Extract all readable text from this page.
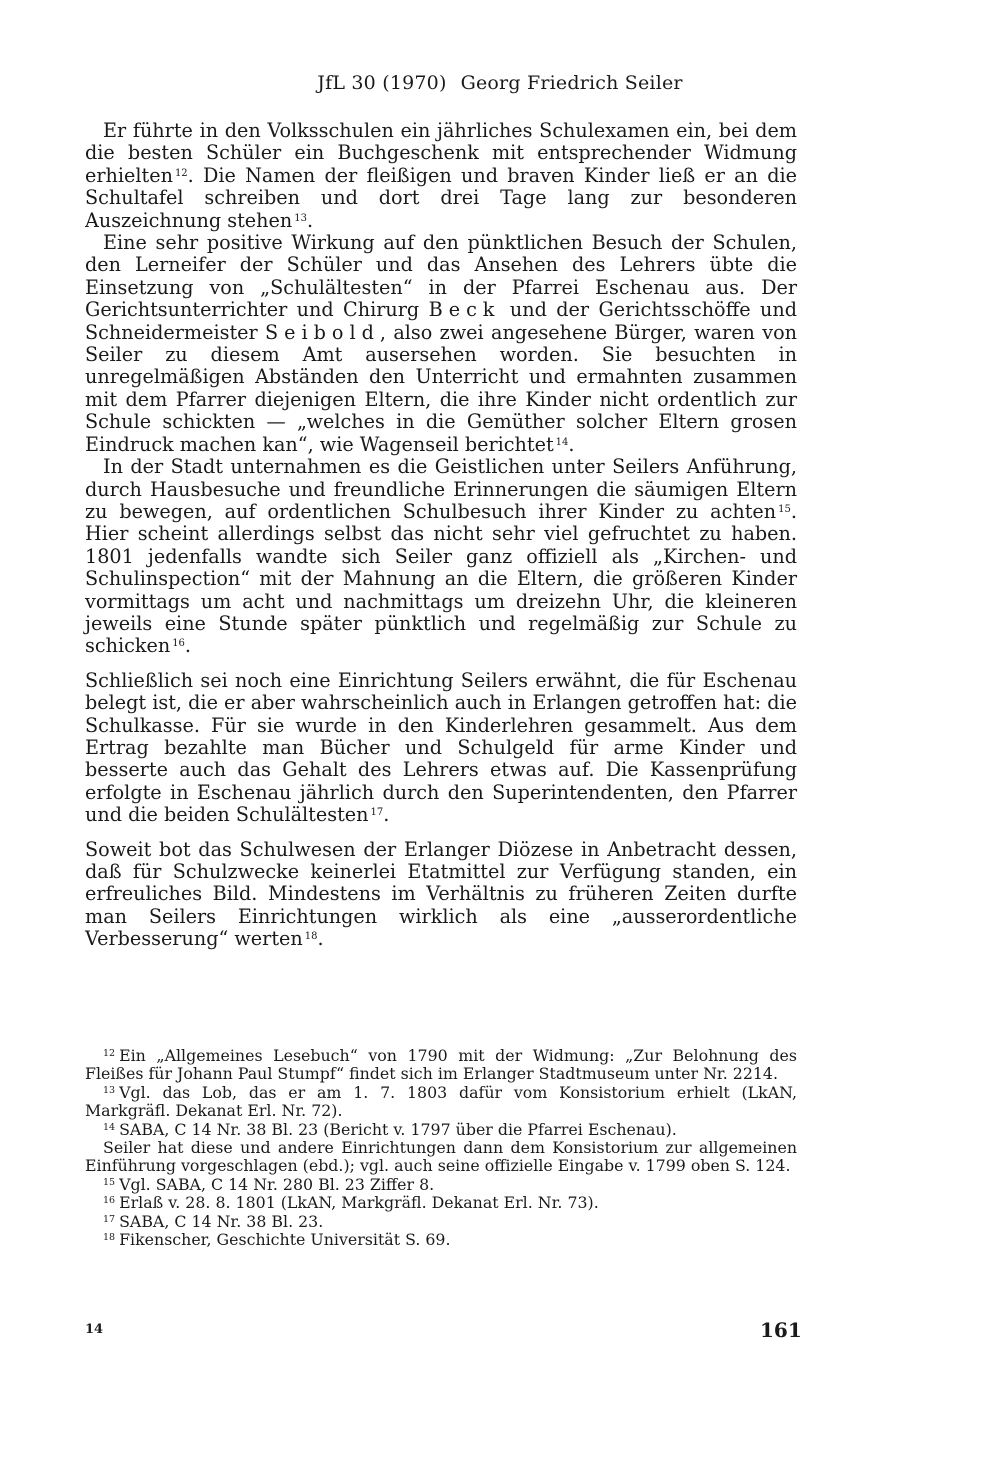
JfL 30 (1970) Georg Friedrich Seiler

Er führte in den Volksschulen ein jährliches Schulexamen ein, bei dem die besten Schüler ein Buchgeschenk mit entsprechender Widmung erhielten $^{12}$. Die Namen der fleißigen und braven Kinder ließ er an die Schultafel schreiben und dort drei Tage lang zur besonderen Auszeichnung stehen $^{13}$.

Eine sehr positive Wirkung auf den pünktlichen Besuch der Schulen, den Lerneifer der Schüler und das Ansehen des Lehrers übte die Einsetzung von „Schulältesten“ in der Pfarrei Eschenau aus. Der Gerichtsunterrichter und Chirurg Beck und der Gerichtsschöffe und Schneidermeister Seibold, also zwei angesehene Bürger, waren von Seiler zu diesem Amt ausersehen worden. Sie besuchten in unregelmäßigen Abständen den Unterricht und ermahnten zusammen mit dem Pfarrer diejenigen Eltern, die ihre Kinder nicht ordentlich zur Schule schickten — „welches in die Gemüther solcher Eltern grosen Eindruck machen kan“, wie Wagenseil berichtet $^{14}$.

In der Stadt unternahmen es die Geistlichen unter Seilers Anführung, durch Hausbesuche und freundliche Erinnerungen die säumigen Eltern zu bewegen, auf ordentlichen Schulbesuch ihrer Kinder zu achten $^{15}$. Hier scheint allerdings selbst das nicht sehr viel gefruchtet zu haben. 1801 jedenfalls wandte sich Seiler ganz offiziell als „Kirchen- und Schulinspection“ mit der Mahnung an die Eltern, die größeren Kinder vormittags um acht und nachmittags um dreizehn Uhr, die kleineren jeweils eine Stunde später pünktlich und regelmäßig zur Schule zu schicken $^{16}$.

Schließlich sei noch eine Einrichtung Seilers erwähnt, die für Eschenau belegt ist, die er aber wahrscheinlich auch in Erlangen getroffen hat: die Schulkasse. Für sie wurde in den Kinderlehren gesammelt. Aus dem Ertrag bezahlte man Bücher und Schulgeld für arme Kinder und besserte auch das Gehalt des Lehrers etwas auf. Die Kassenprüfung erfolgte in Eschenau jährlich durch den Superintendenten, den Pfarrer und die beiden Schulältesten $^{17}$.

Soweit bot das Schulwesen der Erlanger Diözese in Anbetracht dessen, daß für Schulzwecke keinerlei Etatmittel zur Verfügung standen, ein erfreuliches Bild. Mindestens im Verhältnis zu früheren Zeiten durfte man Seilers Einrichtungen wirklich als eine „ausserordentliche Verbesserung“ werten $^{18}$.

$^{12}$ Ein „Allgemeines Lesebuch“ von 1790 mit der Widmung: „Zur Belohnung des Fleißes für Johann Paul Stumpf“ findet sich im Erlanger Stadtmuseum unter Nr. 2214.

$^{13}$ Vgl. das Lob, das er am 1. 7. 1803 dafür vom Konsistorium erhielt (LkAN, Markgräfl. Dekanat Erl. Nr. 72).

$^{14}$ SABA, C 14 Nr. 38 Bl. 23 (Bericht v. 1797 über die Pfarrei Eschenau).

Seiler hat diese und andere Einrichtungen dann dem Konsistorium zur allgemeinen Einführung vorgeschlagen (ebd.); vgl. auch seine offizielle Eingabe v. 1799 oben S. 124.

$^{15}$ Vgl. SABA, C 14 Nr. 280 Bl. 23 Ziffer 8.

$^{16}$ Erlaß v. 28. 8. 1801 (LkAN, Markgräfl. Dekanat Erl. Nr. 73).

$^{17}$ SABA, C 14 Nr. 38 Bl. 23.

$^{18}$ Fikenscher, Geschichte Universität S. 69.

14	161
